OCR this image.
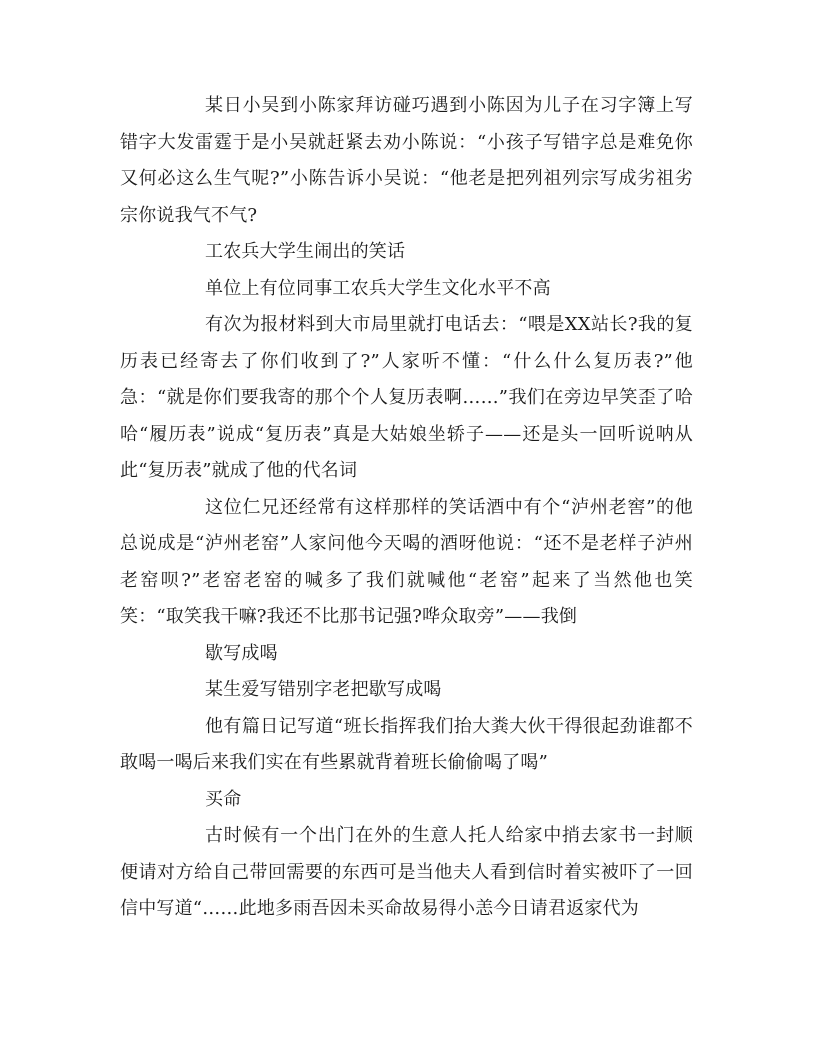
某日小吴到小陈家拜访碰巧遇到小陈因为儿子在习字簿上写错字大发雷霆于是小吴就赶紧去劝小陈说：“小孩子写错字总是难免你又何必这么生气呢?”小陈告诉小吴说：“他老是把列祖列宗写成劣祖劣宗你说我气不气?

工农兵大学生闹出的笑话

单位上有位同事工农兵大学生文化水平不高

有次为报材料到大市局里就打电话去：“喂是XX站长?我的复历表已经寄去了你们收到了?”人家听不懂：“什么什么复历表?”他急：“就是你们要我寄的那个个人复历表啊……”我们在旁边早笑歪了哈哈“履历表”说成“复历表”真是大姑娘坐轿子——还是头一回听说呐从此“复历表”就成了他的代名词

这位仁兄还经常有这样那样的笑话酒中有个“泸州老窖”的他总说成是“泸州老窑”人家问他今天喝的酒呀他说：“还不是老样子泸州老窑呗?”老窑老窑的喊多了我们就喊他“老窑”起来了当然他也笑笑：“取笑我干嘛?我还不比那书记强?哗众取旁”——我倒

歇写成喝

某生爱写错别字老把歇写成喝

他有篇日记写道“班长指挥我们抬大粪大伙干得很起劲谁都不敢喝一喝后来我们实在有些累就背着班长偷偷喝了喝”

买命

古时候有一个出门在外的生意人托人给家中捎去家书一封顺便请对方给自己带回需要的东西可是当他夫人看到信时着实被吓了一回信中写道“……此地多雨吾因未买命故易得小恙今日请君返家代为
